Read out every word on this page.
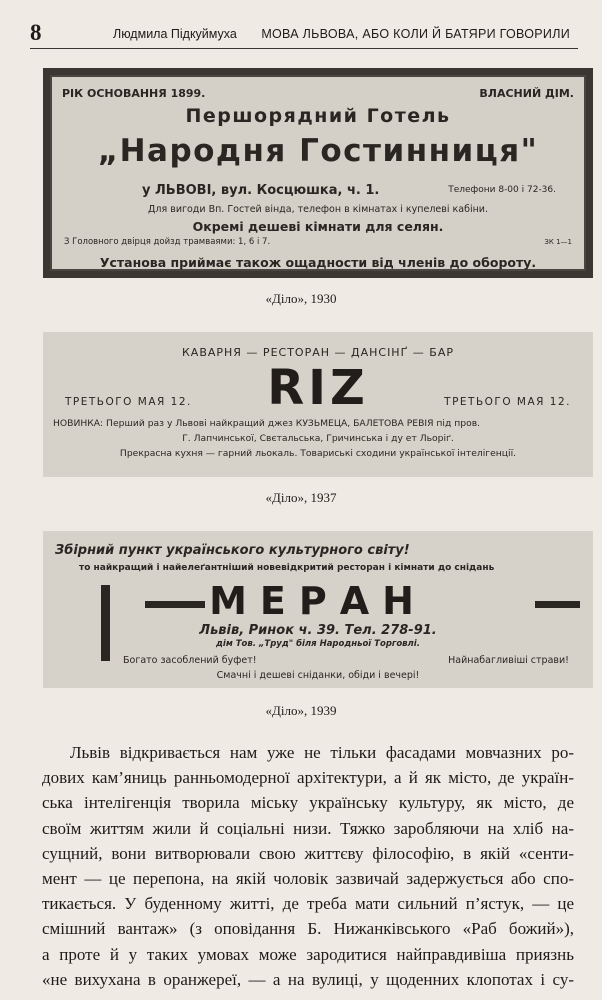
8	Людмила Підкуймуха МОВА ЛЬВОВА, АБО КОЛИ Й БАТЯРИ ГОВОРИЛИ
РІК ОСНОВАННЯ 1899.	ВЛАСНИЙ ДІМ.
Першорядний Готель
„Народня Гостинниця"
у ЛЬВОВІ, вул. Косцюшка, ч. 1.	Телефони 8-00 і 72-36.
Для вигоди Вп. Гостей вінда, телефон в кімнатах і купелеві кабіни.
Окремі дешеві кімнати для селян.
З Головного двірця дойзд трамваями: 1, 6 і 7.	ЗК 1—1
Установа приймає також ощадности від членів до обороту.
«Діло», 1930
КАВАРНЯ — РЕСТОРАН — ДАНСІНҐ — БАР
ТРЕТЬОГО МАЯ 12.	RIZ	ТРЕТЬОГО МАЯ 12.
НОВИНКА: Перший раз у Львові найкращий джез КУЗЬМЕЦА, БАЛЕТОВА РЕВІЯ під пров.
Г. Лапчинської, Свєтальська, Гричинська і ду ет Льоріґ.
Прекрасна кухня — гарний льокаль. Товариські сходини української інтелігенції.
«Діло», 1937
Збірний пункт українського культурного світу!
то найкращий і найелеґантніший новевідкритий ресторан і кімнати до снідань
МЕРАН
Львів, Ринок ч. 39. Тел. 278-91.
дім Тов. „Труд" біля Народньої Торговлі.
Богато засоблений буфет!	Найнабагливіші страви!
Смачні і дешеві сніданки, обіди і вечері!
«Діло», 1939
Львів відкривається нам уже не тільки фасадами мовчазних ро-
дових кам’яниць ранньомодерної архітектури, а й як місто, де україн-
ська інтелігенція творила міську українську культуру, як місто, де
своїм життям жили й соціальні низи. Тяжко заробляючи на хліб на-
сущний, вони витворювали свою життєву філософію, в якій «сенти-
мент — це перепона, на якій чоловік зазвичай задержується або спо-
тикається. У буденному житті, де треба мати сильний п’ястук, — це
смішний вантаж» (з оповідання Б. Нижанківського «Раб божий»),
а проте й у таких умовах може зародитися найправдивіша приязнь
«не вихухана в оранжереї, — а на вулиці, у щоденних клопотах і су-
